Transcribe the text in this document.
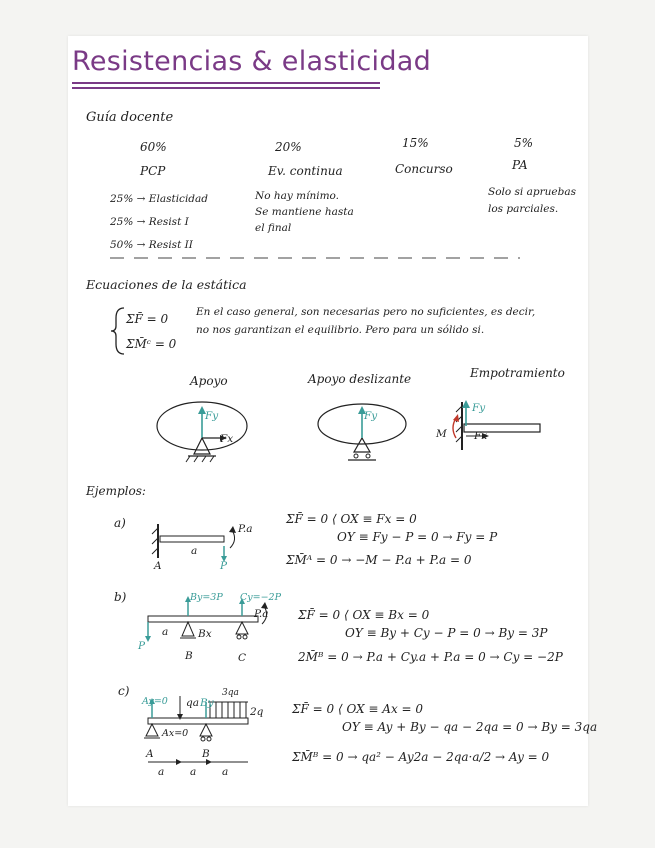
Resistencias & elasticidad
Guía docente
60%	20%	15%	5%
PCP	Ev. continua	Concurso	PA
25% → Elasticidad
25% → Resist I
50% → Resist II
No hay mínimo.
Se mantiene hasta
el final
Solo si apruebas
los parciales.
Ecuaciones de la estática
ΣF̄ = 0
ΣM̄ᶜ = 0
En el caso general, son necesarias pero no suficientes, es decir,
no nos garantizan el equilibrio. Pero para un sólido si.
Apoyo	Apoyo deslizante	Empotramiento
Fy
Fx
Fy
Fy
M	Fx
Ejemplos:
a)	P.a
A
a
P
ΣF̄ = 0 ⟨ OX ≡ Fx = 0
OY ≡ Fy − P = 0 → Fy = P
ΣM̄ᴬ = 0 → −M − P.a + P.a = 0
b)	By=3P Cy=−2P
P.a
P
a	Bx
B	C
ΣF̄ = 0 ⟨ OX ≡ Bx = 0
OY ≡ By + Cy − P = 0 → By = 3P
2M̄ᴮ = 0 → P.a + Cy.a + P.a = 0 → Cy = −2P
c)
Ay=0 qa By
3qa
2q
Ax=0
A	B
a a a
ΣF̄ = 0 ⟨ OX ≡ Ax = 0
OY ≡ Ay + By − qa − 2qa = 0 → By = 3qa
ΣM̄ᴮ = 0 → qa² − Ay2a − 2qa·a/2 → Ay = 0
